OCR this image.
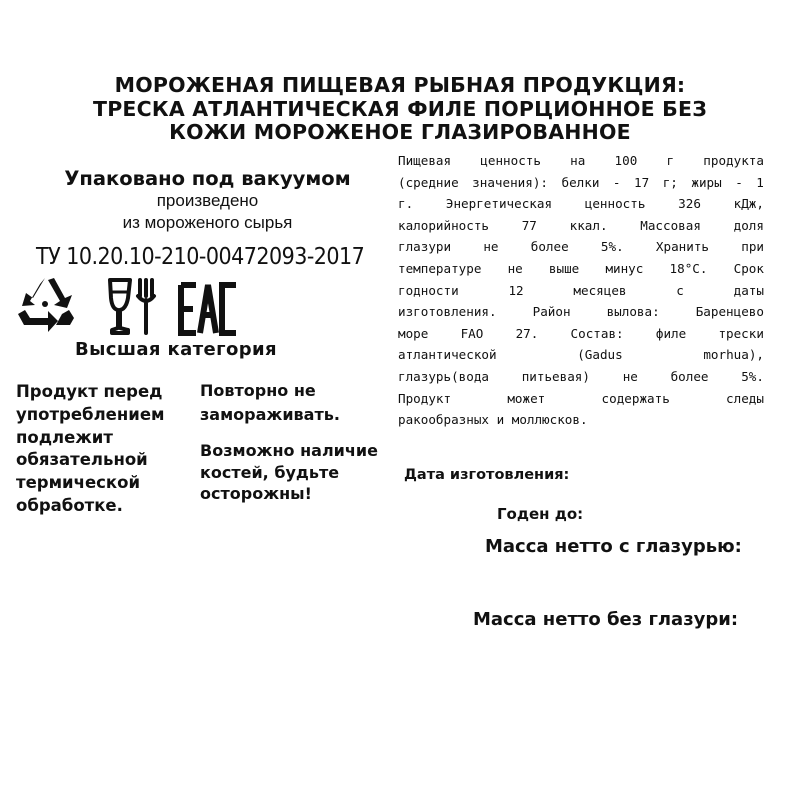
МОРОЖЕНАЯ ПИЩЕВАЯ РЫБНАЯ ПРОДУКЦИЯ:
ТРЕСКА АТЛАНТИЧЕСКАЯ ФИЛЕ ПОРЦИОННОЕ БЕЗ
КОЖИ МОРОЖЕНОЕ ГЛАЗИРОВАННОЕ
Упаковано под вакуумом
произведено
из мороженого сырья
ТУ 10.20.10-210-00472093-2017
Высшая категория
Продукт перед
употреблением
подлежит
обязательной
термической
обработке.
Повторно не
замораживать.
Возможно наличие
костей, будьте
осторожны!
Пищевая ценность на 100 г продукта
(средние значения): белки - 17 г; жиры - 1
г.	Энергетическая	ценность	326	кДж,
калорийность	77	ккал.	Массовая	доля
глазури	не	более	5%.	Хранить	при
температуре не выше минус 18°С. Срок
годности	12	месяцев	с	даты
изготовления.	Район	вылова:	Баренцево
море	FAO	27.	Состав:	филе	трески
атлантической	(Gadus	morhua),
глазурь(вода	питьевая)	не	более	5%.
Продукт	может	содержать	следы
ракообразных и моллюсков.
Дата изготовления:
Годен до:
Масса нетто с глазурью:
Масса нетто без глазури:
